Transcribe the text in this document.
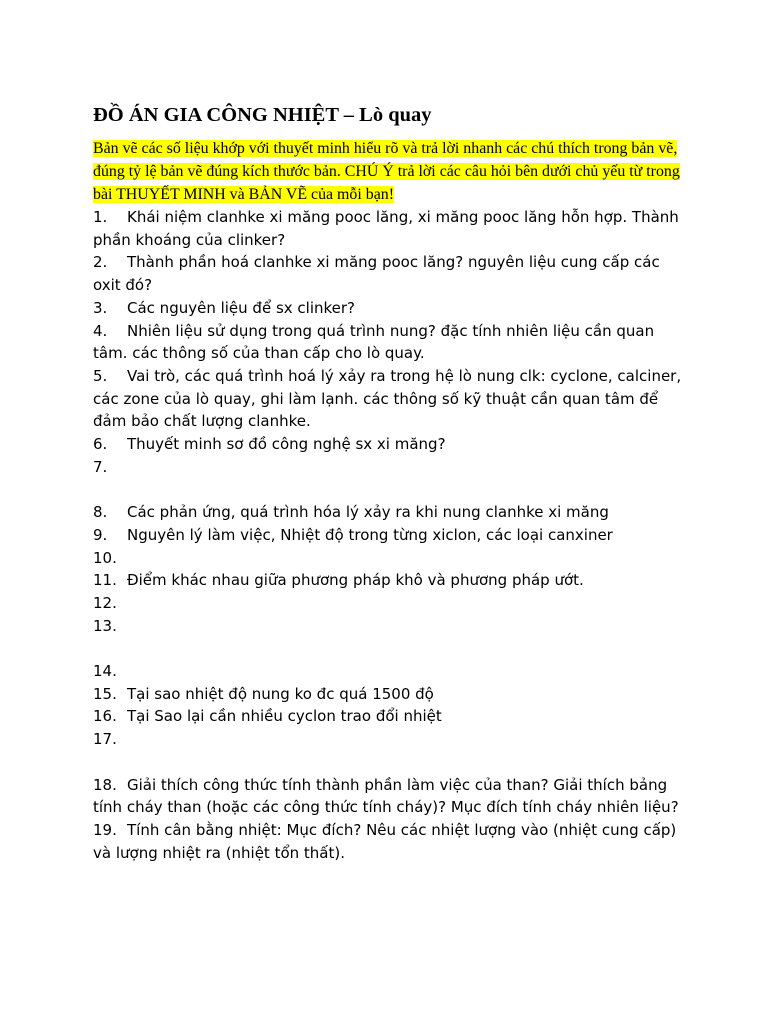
ĐỒ ÁN GIA CÔNG NHIỆT – Lò quay

Bản vẽ các số liệu khớp với thuyết minh hiểu rõ và trả lời nhanh các chú thích trong bản vẽ, đúng tỷ lệ bản vẽ đúng kích thước bản. CHÚ Ý trả lời các câu hỏi bên dưới chủ yếu từ trong bài THUYẾT MINH và BẢN VẼ của mỗi bạn!

1. Khái niệm clanhke xi măng pooc lăng, xi măng pooc lăng hỗn hợp. Thành phần khoáng của clinker?
2. Thành phần hoá clanhke xi măng pooc lăng? nguyên liệu cung cấp các oxit đó?
3. Các nguyên liệu để sx clinker?
4. Nhiên liệu sử dụng trong quá trình nung? đặc tính nhiên liệu cần quan tâm. các thông số của than cấp cho lò quay.
5. Vai trò, các quá trình hoá lý xảy ra trong hệ lò nung clk: cyclone, calciner, các zone của lò quay, ghi làm lạnh. các thông số kỹ thuật cần quan tâm để đảm bảo chất lượng clanhke.
6. Thuyết minh sơ đồ công nghệ sx xi măng?
7.
8. Các phản ứng, quá trình hóa lý xảy ra khi nung clanhke xi măng
9. Nguyên lý làm việc, Nhiệt độ trong từng xiclon, các loại canxiner
10.
11. Điểm khác nhau giữa phương pháp khô và phương pháp ướt.
12.
13.
14.
15. Tại sao nhiệt độ nung ko đc quá 1500 độ
16. Tại Sao lại cần nhiều cyclon trao đổi nhiệt
17.
18. Giải thích công thức tính thành phần làm việc của than? Giải thích bảng tính cháy than (hoặc các công thức tính cháy)? Mục đích tính cháy nhiên liệu?
19. Tính cân bằng nhiệt: Mục đích? Nêu các nhiệt lượng vào (nhiệt cung cấp) và lượng nhiệt ra (nhiệt tổn thất).
